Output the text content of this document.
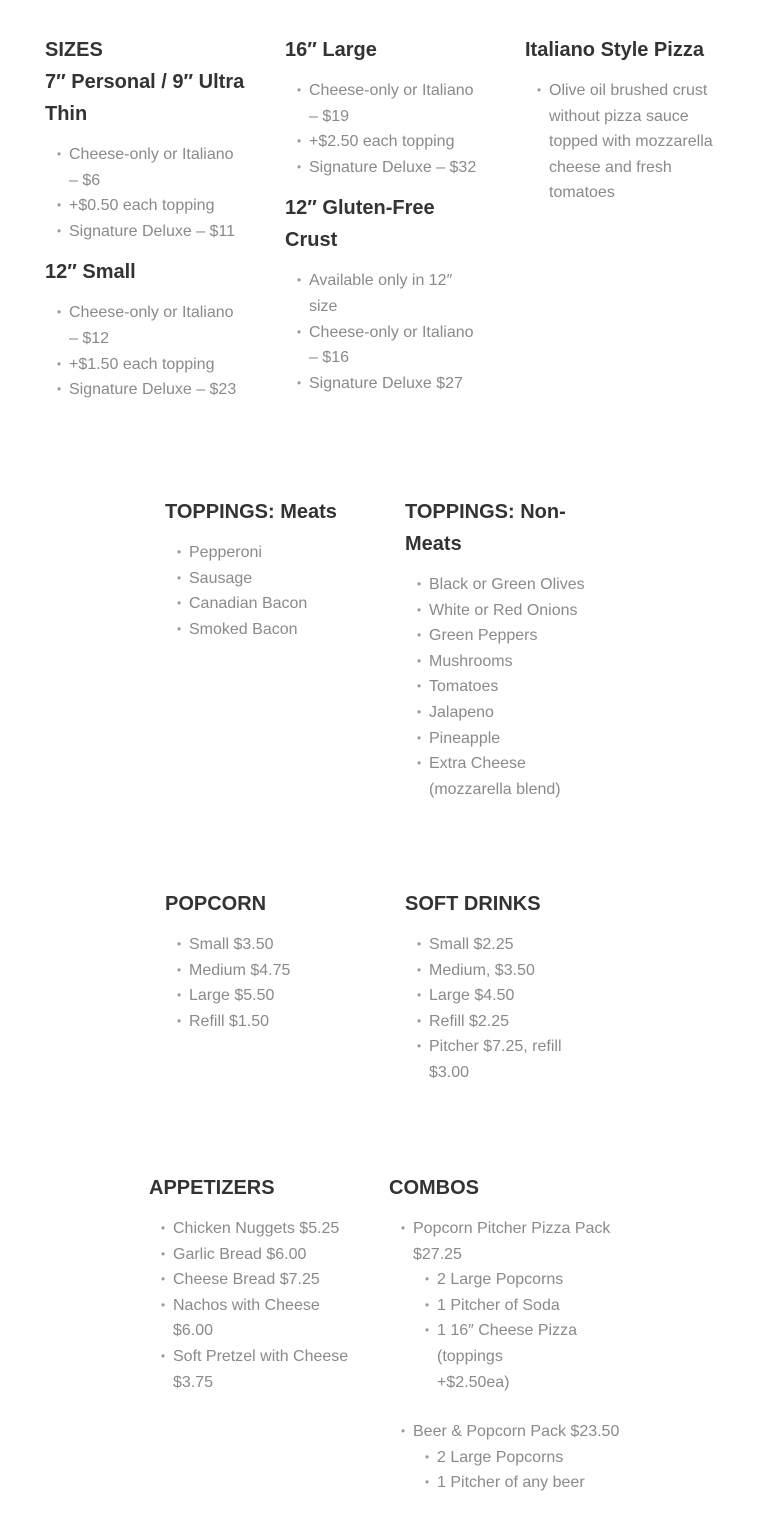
SIZES
7″ Personal / 9″ Ultra Thin
• Cheese-only or Italiano – $6
• +$0.50 each topping
• Signature Deluxe – $11
12″ Small
• Cheese-only or Italiano – $12
• +$1.50 each topping
• Signature Deluxe – $23
16″ Large
• Cheese-only or Italiano – $19
• +$2.50 each topping
• Signature Deluxe – $32
12″ Gluten-Free Crust
• Available only in 12″ size
• Cheese-only or Italiano – $16
• Signature Deluxe $27
Italiano Style Pizza
• Olive oil brushed crust without pizza sauce topped with mozzarella cheese and fresh tomatoes
TOPPINGS: Meats
• Pepperoni
• Sausage
• Canadian Bacon
• Smoked Bacon
TOPPINGS: Non-Meats
• Black or Green Olives
• White or Red Onions
• Green Peppers
• Mushrooms
• Tomatoes
• Jalapeno
• Pineapple
• Extra Cheese (mozzarella blend)
POPCORN
• Small $3.50
• Medium $4.75
• Large $5.50
• Refill $1.50
SOFT DRINKS
• Small $2.25
• Medium, $3.50
• Large $4.50
• Refill $2.25
• Pitcher $7.25, refill $3.00
APPETIZERS
• Chicken Nuggets $5.25
• Garlic Bread $6.00
• Cheese Bread $7.25
• Nachos with Cheese $6.00
• Soft Pretzel with Cheese $3.75
COMBOS
• Popcorn Pitcher Pizza Pack $27.25
• 2 Large Popcorns
• 1 Pitcher of Soda
• 1 16″ Cheese Pizza (toppings +$2.50ea)
• Beer & Popcorn Pack $23.50
• 2 Large Popcorns
• 1 Pitcher of any beer
